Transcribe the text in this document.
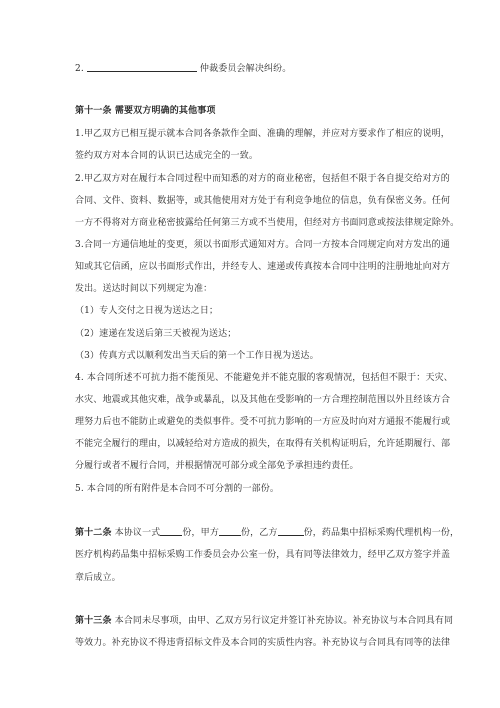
2.	仲裁委员会解决纠纷。
第十一条 需要双方明确的其他事项
1.甲乙双方已相互提示就本合同各条款作全面、准确的理解，并应对方要求作了相应的说明，
签约双方对本合同的认识已达成完全的一致。
2.甲乙双方对在履行本合同过程中而知悉的对方的商业秘密，包括但不限于各自提交给对方的
合同、文件、资料、数据等，或其他使用对方处于有利竞争地位的信息，负有保密义务。任何
一方不得将对方商业秘密披露给任何第三方或不当使用，但经对方书面同意或按法律规定除外。
3.合同一方通信地址的变更，须以书面形式通知对方。合同一方按本合同规定向对方发出的通
知或其它信函，应以书面形式作出，并经专人、速递或传真按本合同中注明的注册地址向对方
发出。送达时间以下列规定为准：
（1）专人交付之日视为送达之日；
（2）速递在发送后第三天被视为送达；
（3）传真方式以顺利发出当天后的第一个工作日视为送达。
4. 本合同所述不可抗力指不能预见、不能避免并不能克服的客观情况，包括但不限于：天灾、
水灾、地震或其他灾难，战争或暴乱，以及其他在受影响的一方合理控制范围以外且经该方合
理努力后也不能防止或避免的类似事件。受不可抗力影响的一方应及时向对方通报不能履行或
不能完全履行的理由，以减轻给对方造成的损失，在取得有关机构证明后，允许延期履行、部
分履行或者不履行合同，并根据情况可部分或全部免予承担违约责任。
5. 本合同的所有附件是本合同不可分割的一部份。
第十二条 本协议一式 份，甲方 份，乙方	份，药品集中招标采购代理机构一份，
医疗机构药品集中招标采购工作委员会办公室一份，具有同等法律效力，经甲乙双方签字并盖
章后成立。
第十三条 本合同未尽事项，由甲、乙双方另行议定并签订补充协议。补充协议与本合同具有同
等效力。补充协议不得违背招标文件及本合同的实质性内容。补充协议与合同具有同等的法律
